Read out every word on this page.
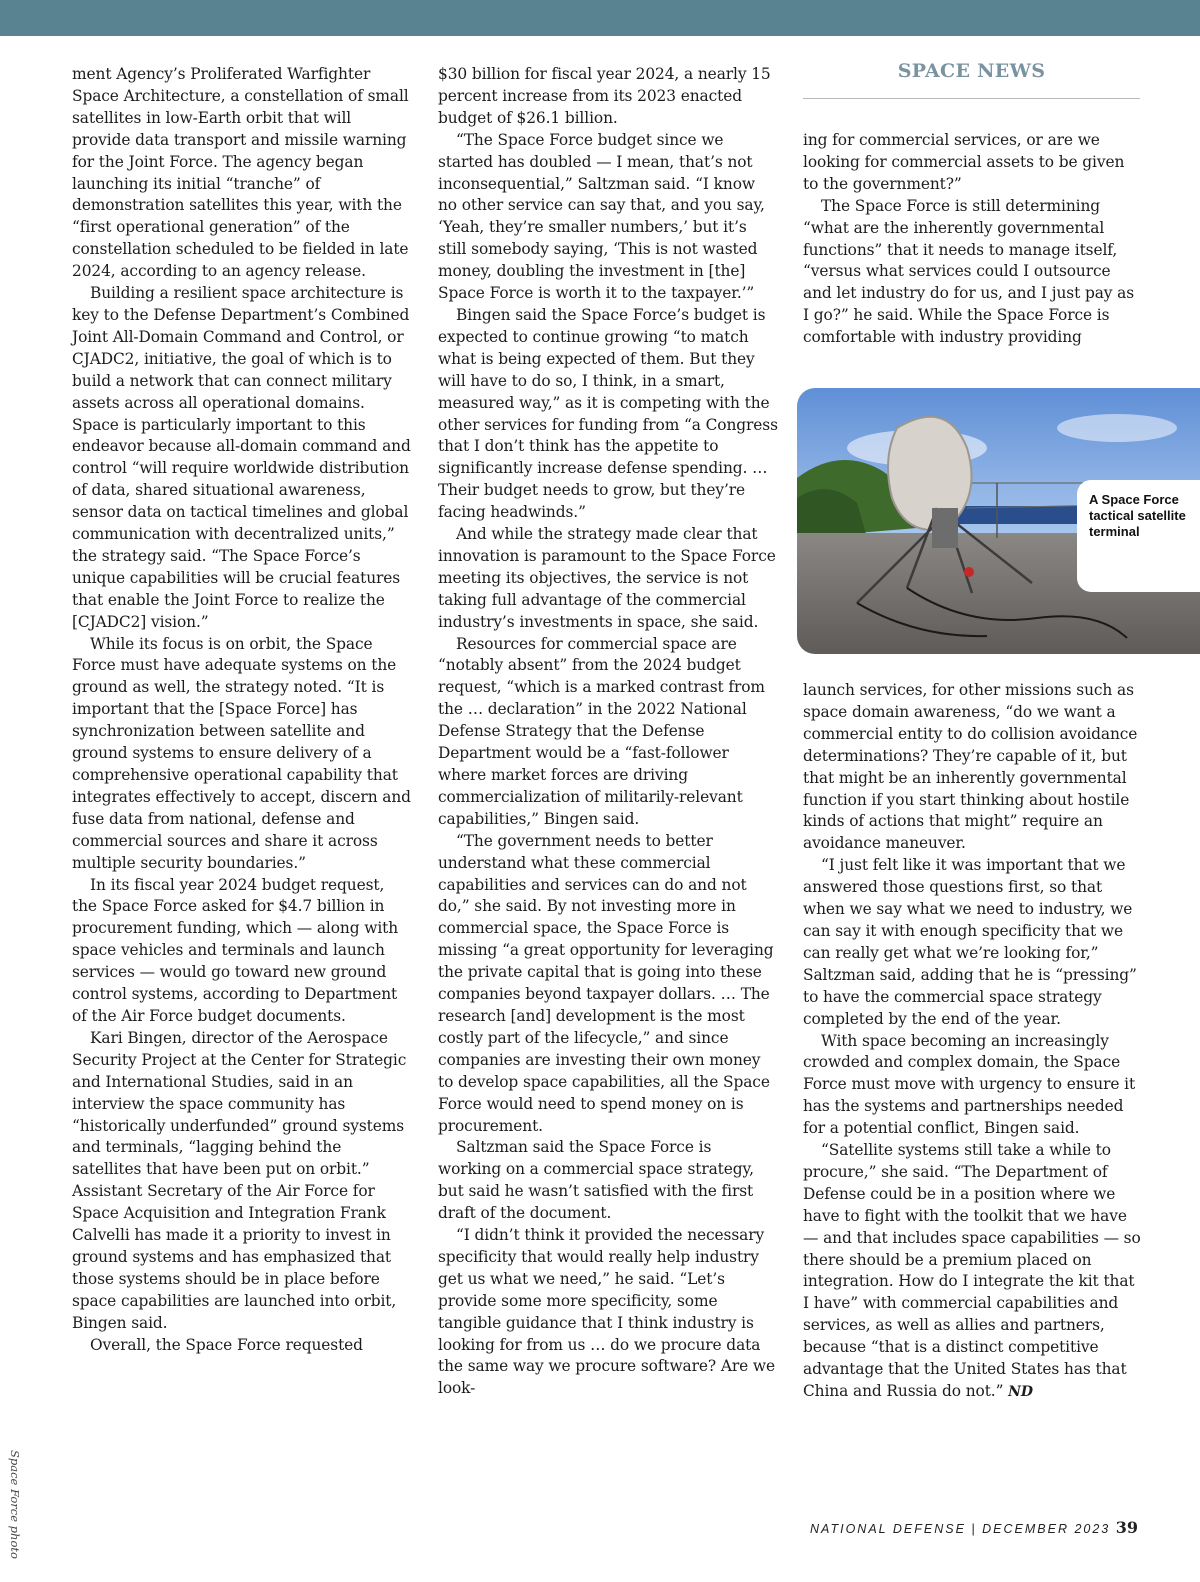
SPACE NEWS

ment Agency’s Proliferated Warfighter Space Architecture, a constellation of small satellites in low-Earth orbit that will provide data transport and missile warning for the Joint Force. The agency began launching its initial “tranche” of demonstration satellites this year, with the “first operational generation” of the constellation scheduled to be fielded in late 2024, according to an agency release.

Building a resilient space architecture is key to the Defense Department’s Combined Joint All-Domain Command and Control, or CJADC2, initiative, the goal of which is to build a network that can connect military assets across all operational domains. Space is particularly important to this endeavor because all-domain command and control “will require worldwide distribution of data, shared situational awareness, sensor data on tactical timelines and global communication with decentralized units,” the strategy said. “The Space Force’s unique capabilities will be crucial features that enable the Joint Force to realize the [CJADC2] vision.”

While its focus is on orbit, the Space Force must have adequate systems on the ground as well, the strategy noted. “It is important that the [Space Force] has synchronization between satellite and ground systems to ensure delivery of a comprehensive operational capability that integrates effectively to accept, discern and fuse data from national, defense and commercial sources and share it across multiple security boundaries.”

In its fiscal year 2024 budget request, the Space Force asked for $4.7 billion in procurement funding, which — along with space vehicles and terminals and launch services — would go toward new ground control systems, according to Department of the Air Force budget documents.

Kari Bingen, director of the Aerospace Security Project at the Center for Strategic and International Studies, said in an interview the space community has “historically underfunded” ground systems and terminals, “lagging behind the satellites that have been put on orbit.” Assistant Secretary of the Air Force for Space Acquisition and Integration Frank Calvelli has made it a priority to invest in ground systems and has emphasized that those systems should be in place before space capabilities are launched into orbit, Bingen said.

Overall, the Space Force requested

$30 billion for fiscal year 2024, a nearly 15 percent increase from its 2023 enacted budget of $26.1 billion.

“The Space Force budget since we started has doubled — I mean, that’s not inconsequential,” Saltzman said. “I know no other service can say that, and you say, ‘Yeah, they’re smaller numbers,’ but it’s still somebody saying, ‘This is not wasted money, doubling the investment in [the] Space Force is worth it to the taxpayer.’”

Bingen said the Space Force’s budget is expected to continue growing “to match what is being expected of them. But they will have to do so, I think, in a smart, measured way,” as it is competing with the other services for funding from “a Congress that I don’t think has the appetite to significantly increase defense spending. … Their budget needs to grow, but they’re facing headwinds.”

And while the strategy made clear that innovation is paramount to the Space Force meeting its objectives, the service is not taking full advantage of the commercial industry’s investments in space, she said.

Resources for commercial space are “notably absent” from the 2024 budget request, “which is a marked contrast from the … declaration” in the 2022 National Defense Strategy that the Defense Department would be a “fast-follower where market forces are driving commercialization of militarily-relevant capabilities,” Bingen said.

“The government needs to better understand what these commercial capabilities and services can do and not do,” she said. By not investing more in commercial space, the Space Force is missing “a great opportunity for leveraging the private capital that is going into these companies beyond taxpayer dollars. … The research [and] development is the most costly part of the lifecycle,” and since companies are investing their own money to develop space capabilities, all the Space Force would need to spend money on is procurement.

Saltzman said the Space Force is working on a commercial space strategy, but said he wasn’t satisfied with the first draft of the document.

“I didn’t think it provided the necessary specificity that would really help industry get us what we need,” he said. “Let’s provide some more specificity, some tangible guidance that I think industry is looking for from us … do we procure data the same way we procure software? Are we look-

ing for commercial services, or are we looking for commercial assets to be given to the government?”

The Space Force is still determining “what are the inherently governmental functions” that it needs to manage itself, “versus what services could I outsource and let industry do for us, and I just pay as I go?” he said. While the Space Force is comfortable with industry providing

A Space Force tactical satellite terminal

launch services, for other missions such as space domain awareness, “do we want a commercial entity to do collision avoidance determinations? They’re capable of it, but that might be an inherently governmental function if you start thinking about hostile kinds of actions that might” require an avoidance maneuver.

“I just felt like it was important that we answered those questions first, so that when we say what we need to industry, we can say it with enough specificity that we can really get what we’re looking for,” Saltzman said, adding that he is “pressing” to have the commercial space strategy completed by the end of the year.

With space becoming an increasingly crowded and complex domain, the Space Force must move with urgency to ensure it has the systems and partnerships needed for a potential conflict, Bingen said.

“Satellite systems still take a while to procure,” she said. “The Department of Defense could be in a position where we have to fight with the toolkit that we have — and that includes space capabilities — so there should be a premium placed on integration. How do I integrate the kit that I have” with commercial capabilities and services, as well as allies and partners, because “that is a distinct competitive advantage that the United States has that China and Russia do not.” ND

Space Force photo	NATIONAL DEFENSE | DECEMBER 2023 39
